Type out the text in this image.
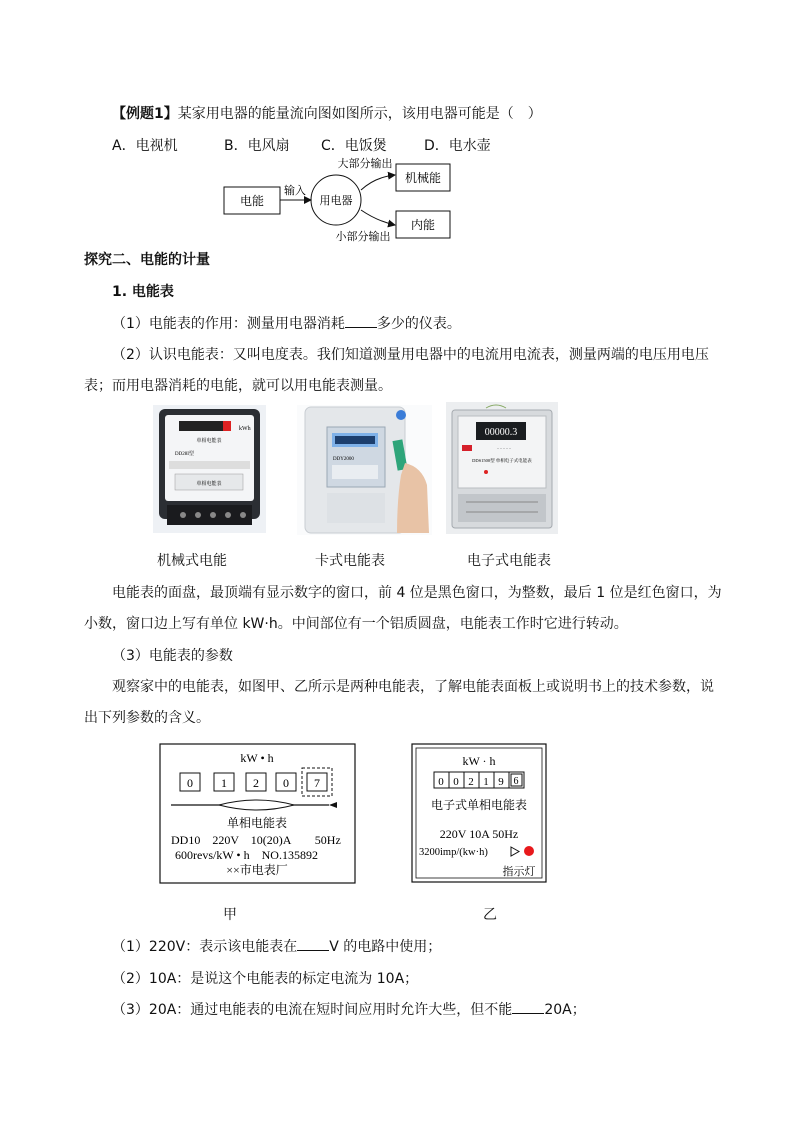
【例题1】某家用电器的能量流向图如图所示，该用电器可能是（　）
A．电视机	B．电风扇 C．电饭煲	D．电水壶
电能
输入
用电器
大部分输出
小部分输出
机械能
内能
探究二、电能的计量
1. 电能表
（1）电能表的作用：测量用电器消耗 多少的仪表。
（2）认识电能表：又叫电度表。我们知道测量用电器中的电流用电流表，测量两端的电压用电压
表；而用电器消耗的电能，就可以用电能表测量。
kWh
单相电能表
DD28I型
单相电能表
DDY2000
00000.3
··········
DDS1500型 单相电子式电能表
机械式电能	卡式电能表	电子式电能表
电能表的面盘，最顶端有显示数字的窗口，前 4 位是黑色窗口，为整数，最后 1 位是红色窗口，为
小数，窗口边上写有单位 kW·h。中间部位有一个铝质圆盘，电能表工作时它进行转动。
（3）电能表的参数
观察家中的电能表，如图甲、乙所示是两种电能表，了解电能表面板上或说明书上的技术参数，说
出下列参数的含义。
kW • h
0 1 2 0 7
单相电能表
DD10　220V　10(20)A　　50Hz
600revs/kW • h　NO.135892
××市电表厂
甲
kW · h
0 0 2 1 9 6
电子式单相电能表
220V 10A 50Hz
3200imp/(kw·h)
指示灯
乙
（1）220V：表示该电能表在 V 的电路中使用；
（2）10A：是说这个电能表的标定电流为 10A；
（3）20A：通过电能表的电流在短时间应用时允许大些，但不能 20A；
